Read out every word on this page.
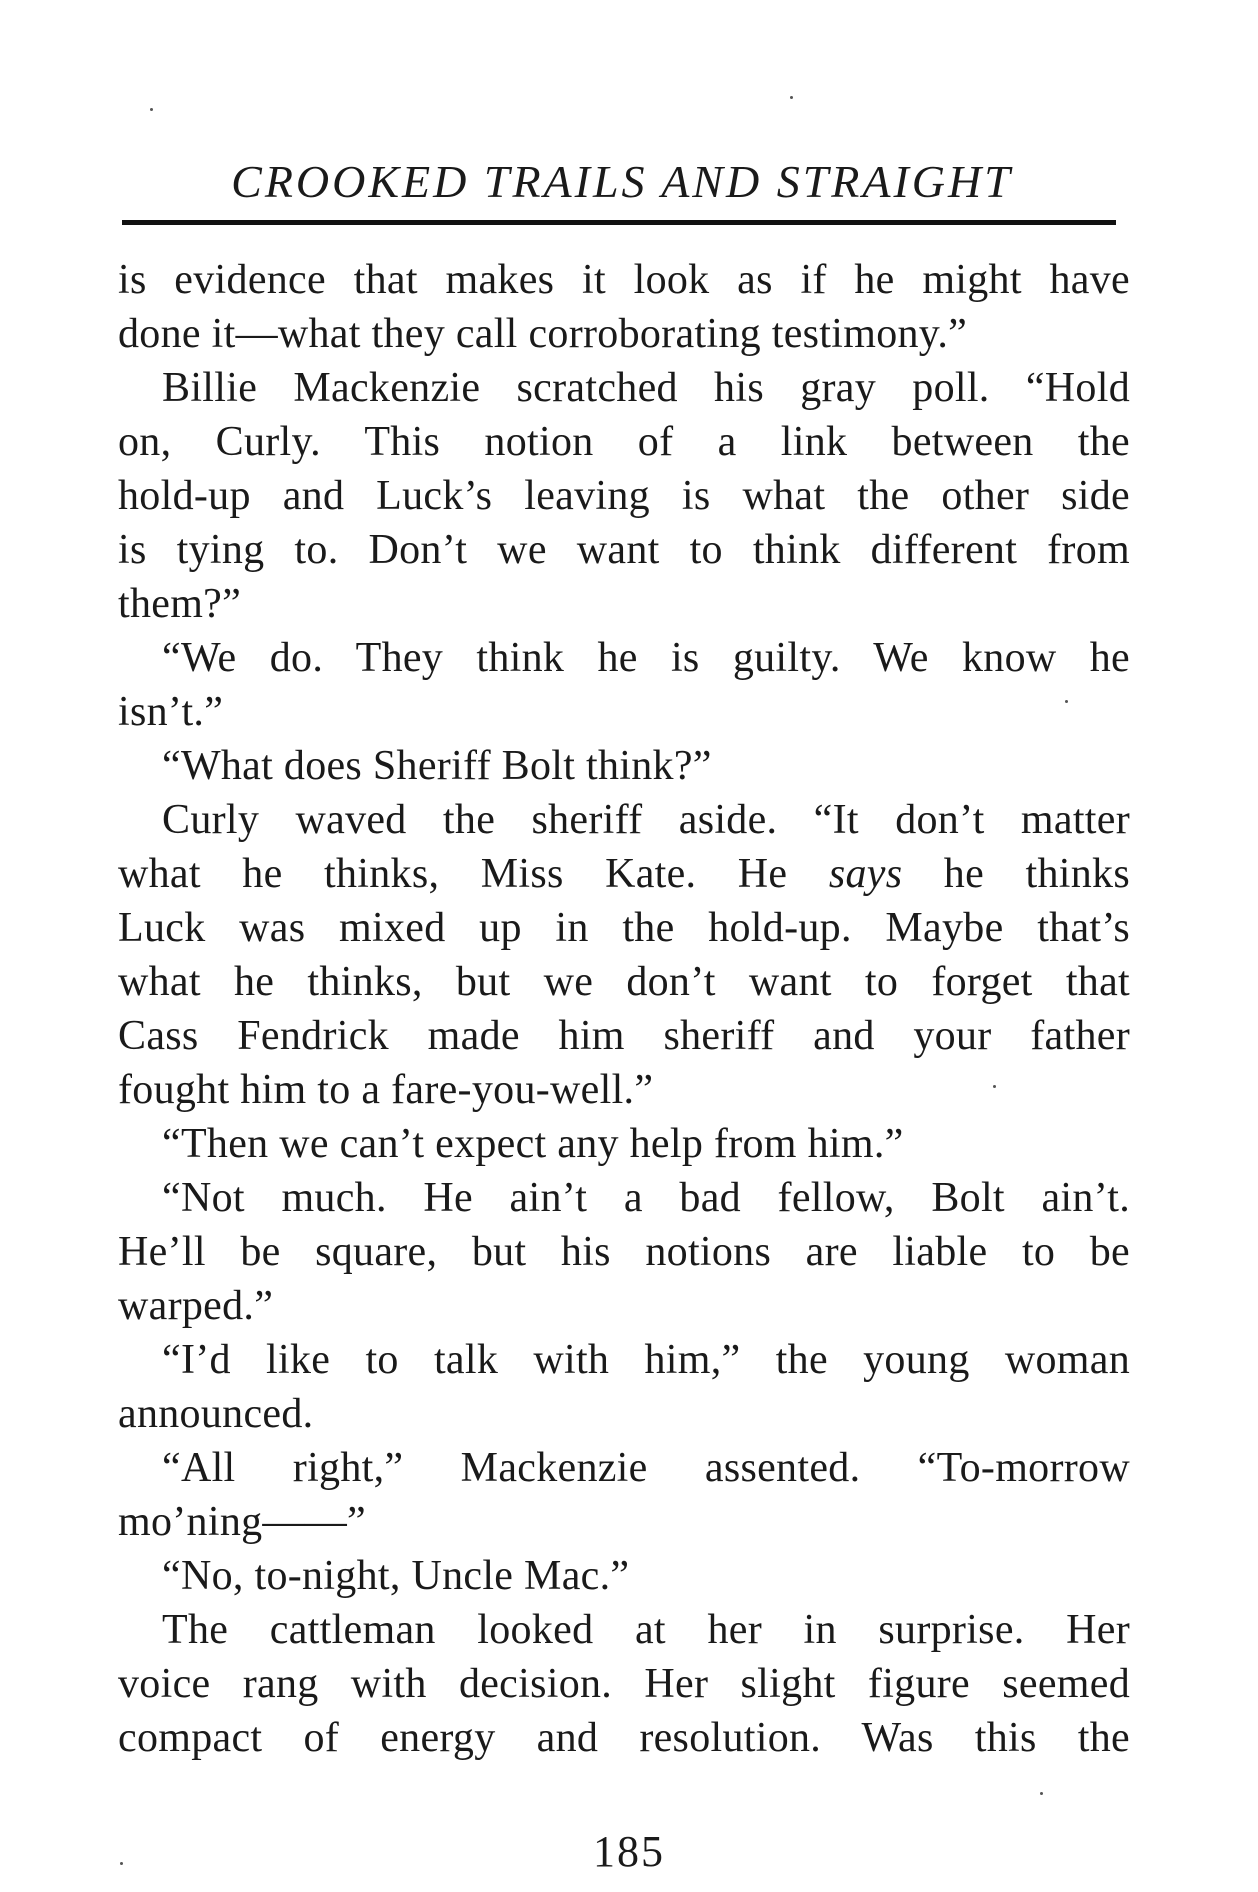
CROOKED TRAILS AND STRAIGHT
is evidence that makes it look as if he might have
done it—what they call corroborating testimony.”
Billie Mackenzie scratched his gray poll. “Hold
on, Curly. This notion of a link between the
hold-up and Luck’s leaving is what the other side
is tying to. Don’t we want to think different from
them?”
“We do. They think he is guilty. We know he
isn’t.”
“What does Sheriff Bolt think?”
Curly waved the sheriff aside. “It don’t matter
what he thinks, Miss Kate. He says he thinks
Luck was mixed up in the hold-up. Maybe that’s
what he thinks, but we don’t want to forget that
Cass Fendrick made him sheriff and your father
fought him to a fare-you-well.”
“Then we can’t expect any help from him.”
“Not much. He ain’t a bad fellow, Bolt ain’t.
He’ll be square, but his notions are liable to be
warped.”
“I’d like to talk with him,” the young woman
announced.
“All right,” Mackenzie assented. “To-morrow
mo’ning——”
“No, to-night, Uncle Mac.”
The cattleman looked at her in surprise. Her
voice rang with decision. Her slight figure seemed
compact of energy and resolution. Was this the
185
